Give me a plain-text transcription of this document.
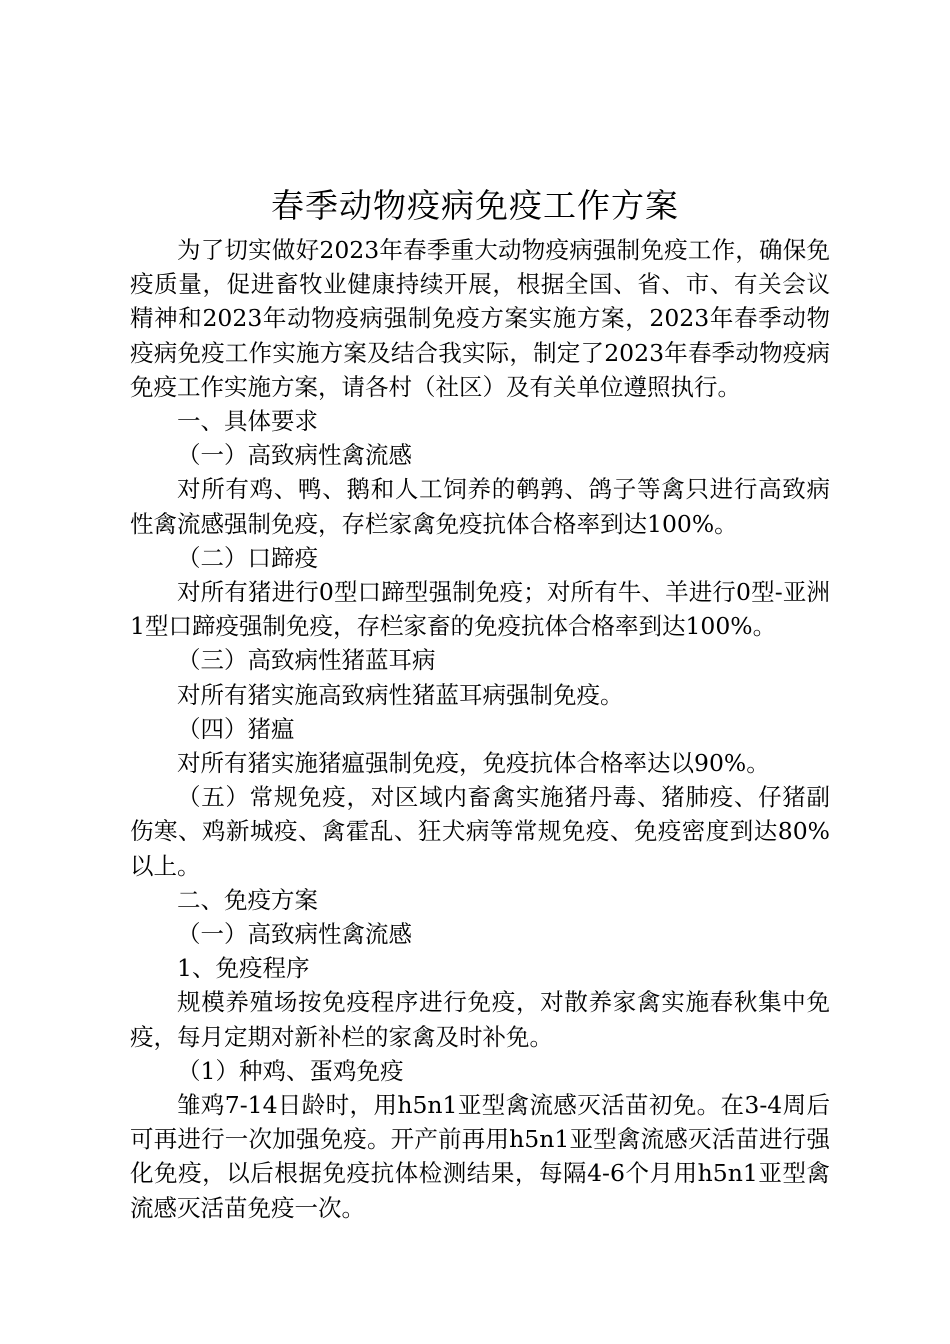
春季动物疫病免疫工作方案

为了切实做好2023年春季重大动物疫病强制免疫工作，确保免疫质量，促进畜牧业健康持续开展，根据全国、省、市、有关会议精神和2023年动物疫病强制免疫方案实施方案，2023年春季动物疫病免疫工作实施方案及结合我实际，制定了2023年春季动物疫病免疫工作实施方案，请各村（社区）及有关单位遵照执行。

一、具体要求

（一）高致病性禽流感

对所有鸡、鸭、鹅和人工饲养的鹌鹑、鸽子等禽只进行高致病性禽流感强制免疫，存栏家禽免疫抗体合格率到达100%。

（二）口蹄疫

对所有猪进行0型口蹄型强制免疫；对所有牛、羊进行0型-亚洲1型口蹄疫强制免疫，存栏家畜的免疫抗体合格率到达100%。

（三）高致病性猪蓝耳病

对所有猪实施高致病性猪蓝耳病强制免疫。

（四）猪瘟

对所有猪实施猪瘟强制免疫，免疫抗体合格率达以90%。

（五）常规免疫，对区域内畜禽实施猪丹毒、猪肺疫、仔猪副伤寒、鸡新城疫、禽霍乱、狂犬病等常规免疫、免疫密度到达80%以上。

二、免疫方案

（一）高致病性禽流感

1、免疫程序

规模养殖场按免疫程序进行免疫，对散养家禽实施春秋集中免疫，每月定期对新补栏的家禽及时补免。

（1）种鸡、蛋鸡免疫

雏鸡7-14日龄时，用h5n1亚型禽流感灭活苗初免。在3-4周后可再进行一次加强免疫。开产前再用h5n1亚型禽流感灭活苗进行强化免疫，以后根据免疫抗体检测结果，每隔4-6个月用h5n1亚型禽流感灭活苗免疫一次。
